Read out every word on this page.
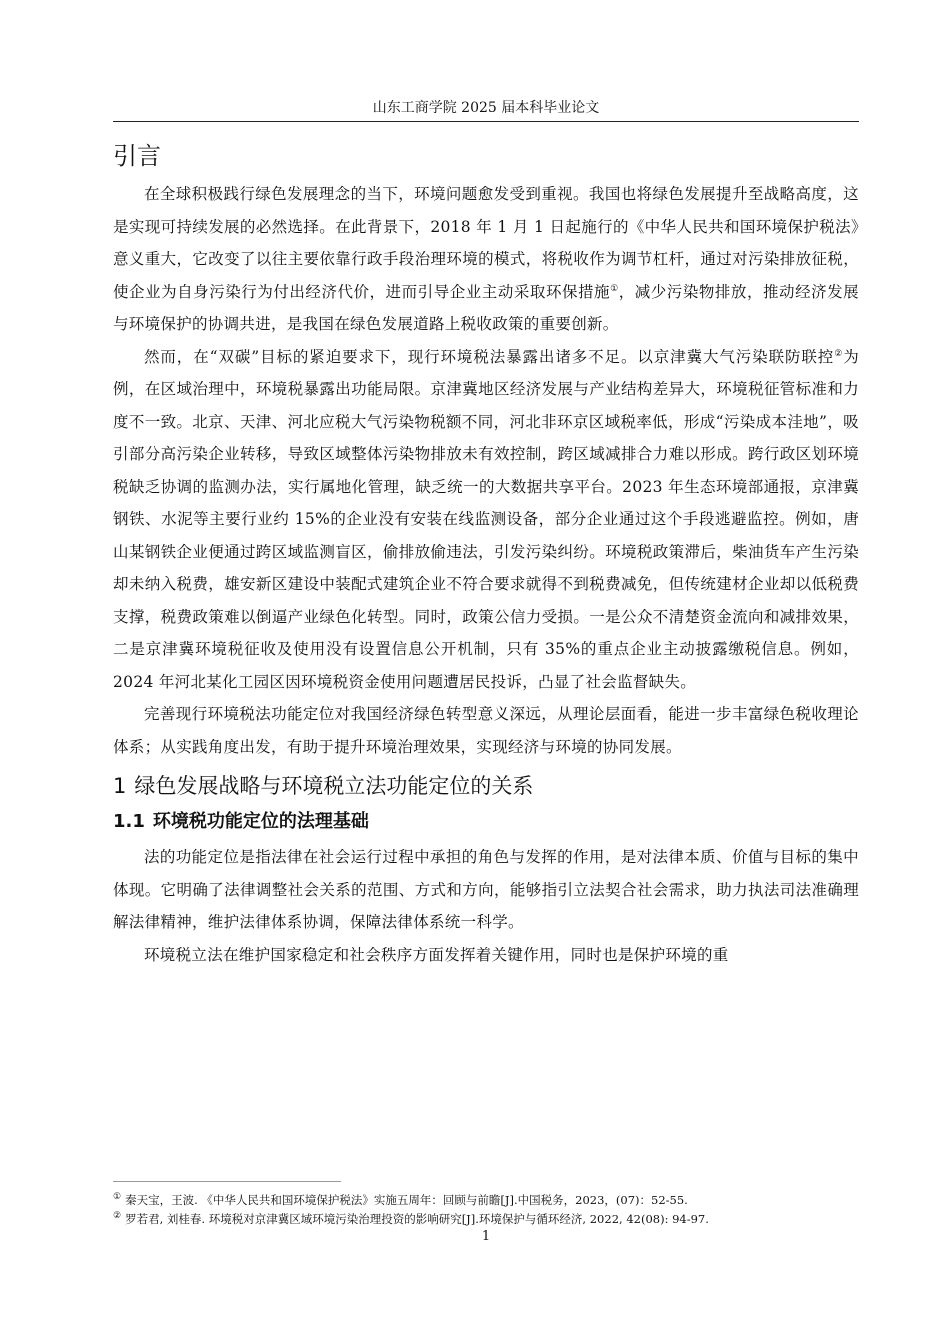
山东工商学院 2025 届本科毕业论文
引言

在全球积极践行绿色发展理念的当下，环境问题愈发受到重视。我国也将绿色发展提升至战略高度，这是实现可持续发展的必然选择。在此背景下，2018 年 1 月 1 日起施行的《中华人民共和国环境保护税法》意义重大，它改变了以往主要依靠行政手段治理环境的模式，将税收作为调节杠杆，通过对污染排放征税，使企业为自身污染行为付出经济代价，进而引导企业主动采取环保措施①，减少污染物排放，推动经济发展与环境保护的协调共进，是我国在绿色发展道路上税收政策的重要创新。

然而，在“双碳”目标的紧迫要求下，现行环境税法暴露出诸多不足。以京津冀大气污染联防联控②为例，在区域治理中，环境税暴露出功能局限。京津冀地区经济发展与产业结构差异大，环境税征管标准和力度不一致。北京、天津、河北应税大气污染物税额不同，河北非环京区域税率低，形成“污染成本洼地”，吸引部分高污染企业转移，导致区域整体污染物排放未有效控制，跨区域减排合力难以形成。跨行政区划环境税缺乏协调的监测办法，实行属地化管理，缺乏统一的大数据共享平台。2023 年生态环境部通报，京津冀钢铁、水泥等主要行业约 15%的企业没有安装在线监测设备，部分企业通过这个手段逃避监控。例如，唐山某钢铁企业便通过跨区域监测盲区，偷排放偷违法，引发污染纠纷。环境税政策滞后，柴油货车产生污染却未纳入税费，雄安新区建设中装配式建筑企业不符合要求就得不到税费减免，但传统建材企业却以低税费支撑，税费政策难以倒逼产业绿色化转型。同时，政策公信力受损。一是公众不清楚资金流向和减排效果，二是京津冀环境税征收及使用没有设置信息公开机制，只有 35%的重点企业主动披露缴税信息。例如，2024 年河北某化工园区因环境税资金使用问题遭居民投诉，凸显了社会监督缺失。

完善现行环境税法功能定位对我国经济绿色转型意义深远，从理论层面看，能进一步丰富绿色税收理论体系；从实践角度出发，有助于提升环境治理效果，实现经济与环境的协同发展。

1 绿色发展战略与环境税立法功能定位的关系
1.1 环境税功能定位的法理基础

法的功能定位是指法律在社会运行过程中承担的角色与发挥的作用，是对法律本质、价值与目标的集中体现。它明确了法律调整社会关系的范围、方式和方向，能够指引立法契合社会需求，助力执法司法准确理解法律精神，维护法律体系协调，保障法律体系统一科学。

环境税立法在维护国家稳定和社会秩序方面发挥着关键作用，同时也是保护环境的重

① 秦天宝，王波. 《中华人民共和国环境保护税法》实施五周年：回顾与前瞻[J].中国税务，2023，(07)：52-55.
② 罗若君, 刘桂春. 环境税对京津冀区域环境污染治理投资的影响研究[J].环境保护与循环经济, 2022, 42(08): 94-97.
1
